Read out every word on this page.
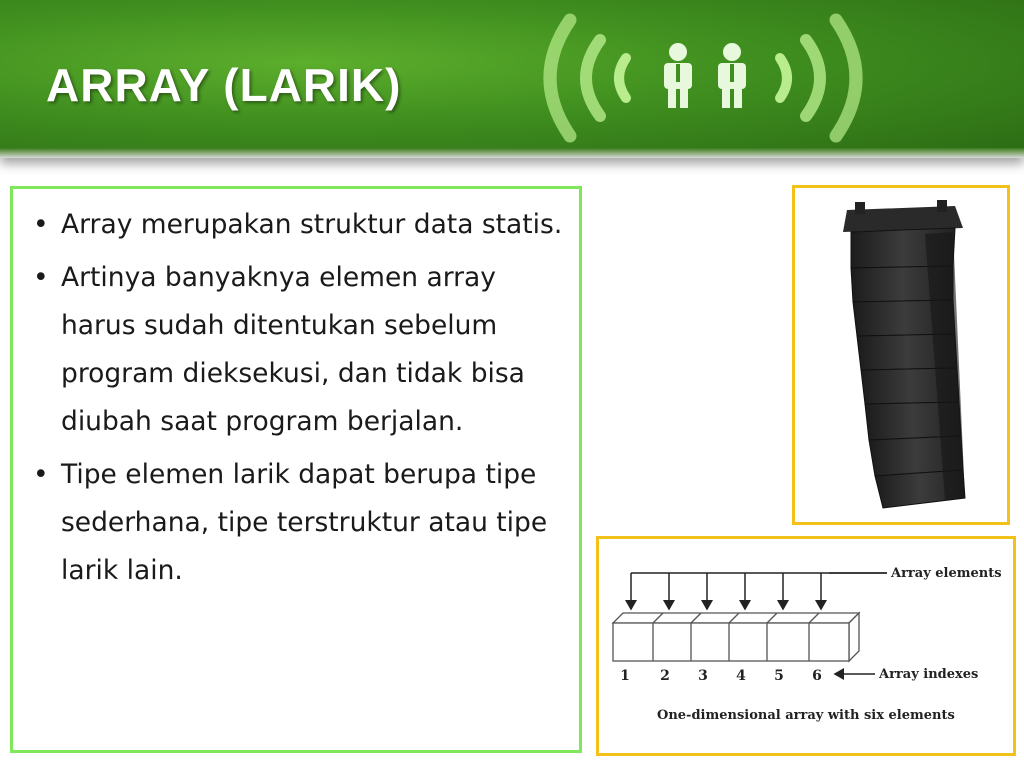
ARRAY (LARIK)
• Array merupakan struktur data statis.
• Artinya banyaknya elemen array harus sudah ditentukan sebelum program dieksekusi, dan tidak bisa diubah saat program berjalan.
• Tipe elemen larik dapat berupa tipe sederhana, tipe terstruktur atau tipe larik lain.	Array elements
1 2 3 4 5 6	Array indexes
One-dimensional array with six elements
